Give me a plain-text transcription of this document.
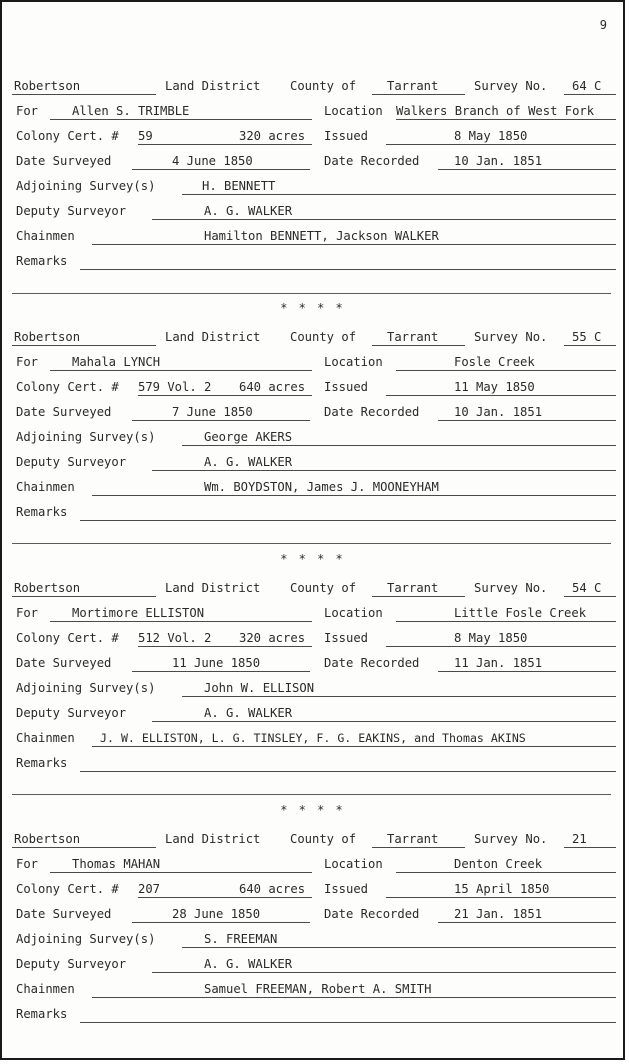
9
Robertson	Land District County of	Tarrant	Survey No. 64 C
For	Allen S. TRIMBLE	Location Walkers Branch of West Fork
Colony Cert. # 59	320 acres Issued	8 May 1850
Date Surveyed	4 June 1850	Date Recorded	10 Jan. 1851
Adjoining Survey(s)	H. BENNETT
Deputy Surveyor	A. G. WALKER
Chainmen	Hamilton BENNETT, Jackson WALKER
Remarks
* * * *
Robertson	Land District County of	Tarrant	Survey No. 55 C
For	Mahala LYNCH	Location	Fosle Creek
Colony Cert. # 579 Vol. 2 640 acres Issued	11 May 1850
Date Surveyed	7 June 1850	Date Recorded	10 Jan. 1851
Adjoining Survey(s)	George AKERS
Deputy Surveyor	A. G. WALKER
Chainmen	Wm. BOYDSTON, James J. MOONEYHAM
Remarks
* * * *
Robertson	Land District County of	Tarrant	Survey No. 54 C
For	Mortimore ELLISTON	Location	Little Fosle Creek
Colony Cert. # 512 Vol. 2 320 acres Issued	8 May 1850
Date Surveyed	11 June 1850	Date Recorded	11 Jan. 1851
Adjoining Survey(s)	John W. ELLISON
Deputy Surveyor	A. G. WALKER
Chainmen J. W. ELLISTON, L. G. TINSLEY, F. G. EAKINS, and Thomas AKINS
Remarks
* * * *
Robertson	Land District County of	Tarrant	Survey No. 21
For	Thomas MAHAN	Location	Denton Creek
Colony Cert. # 207	640 acres Issued	15 April 1850
Date Surveyed	28 June 1850	Date Recorded	21 Jan. 1851
Adjoining Survey(s)	S. FREEMAN
Deputy Surveyor	A. G. WALKER
Chainmen	Samuel FREEMAN, Robert A. SMITH
Remarks
